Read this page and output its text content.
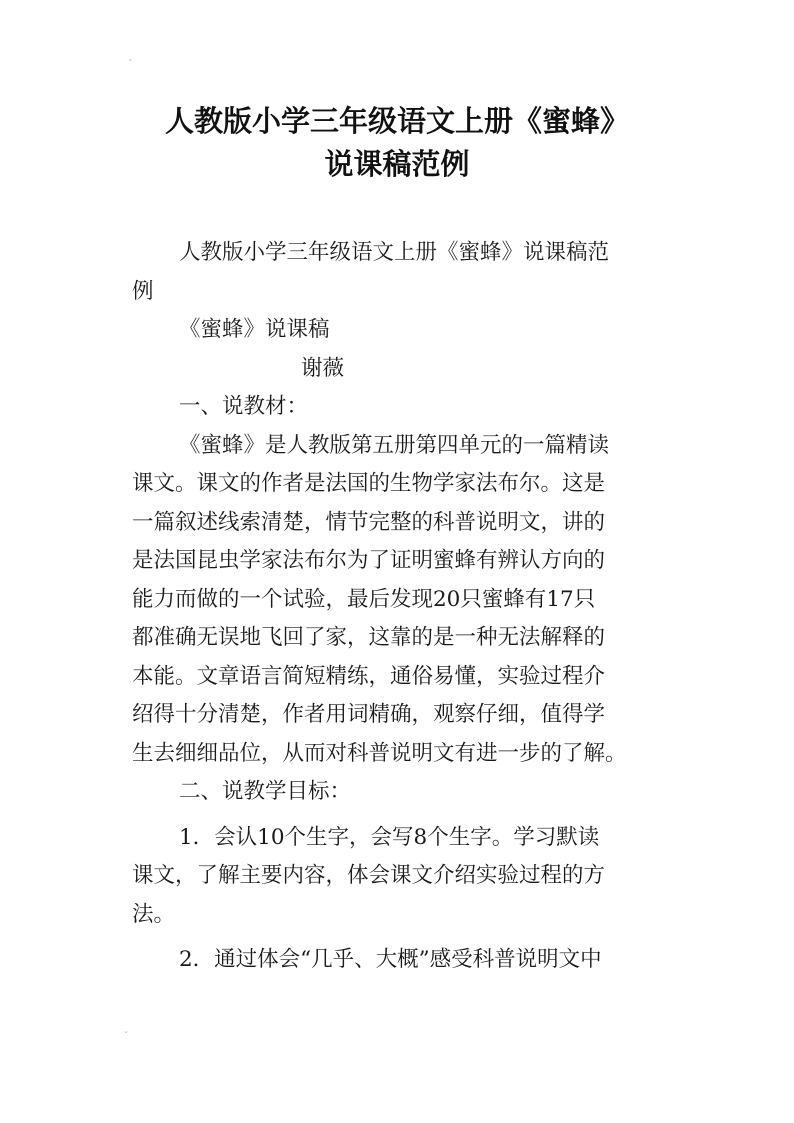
ˇ
ˇ
人教版小学三年级语文上册《蜜蜂》
说课稿范例

人教版小学三年级语文上册《蜜蜂》说课稿范

例

《蜜蜂》说课稿

谢薇

一、说教材：

《蜜蜂》是人教版第五册第四单元的一篇精读

课文。课文的作者是法国的生物学家法布尔。这是

一篇叙述线索清楚，情节完整的科普说明文，讲的

是法国昆虫学家法布尔为了证明蜜蜂有辨认方向的

能力而做的一个试验，最后发现20只蜜蜂有17只

都准确无误地飞回了家，这靠的是一种无法解释的

本能。文章语言简短精练，通俗易懂，实验过程介

绍得十分清楚，作者用词精确，观察仔细，值得学

生去细细品位，从而对科普说明文有进一步的了解。

二、说教学目标：

1．会认10个生字，会写8个生字。学习默读

课文，了解主要内容，体会课文介绍实验过程的方

法。

2．通过体会“几乎、大概”感受科普说明文中
